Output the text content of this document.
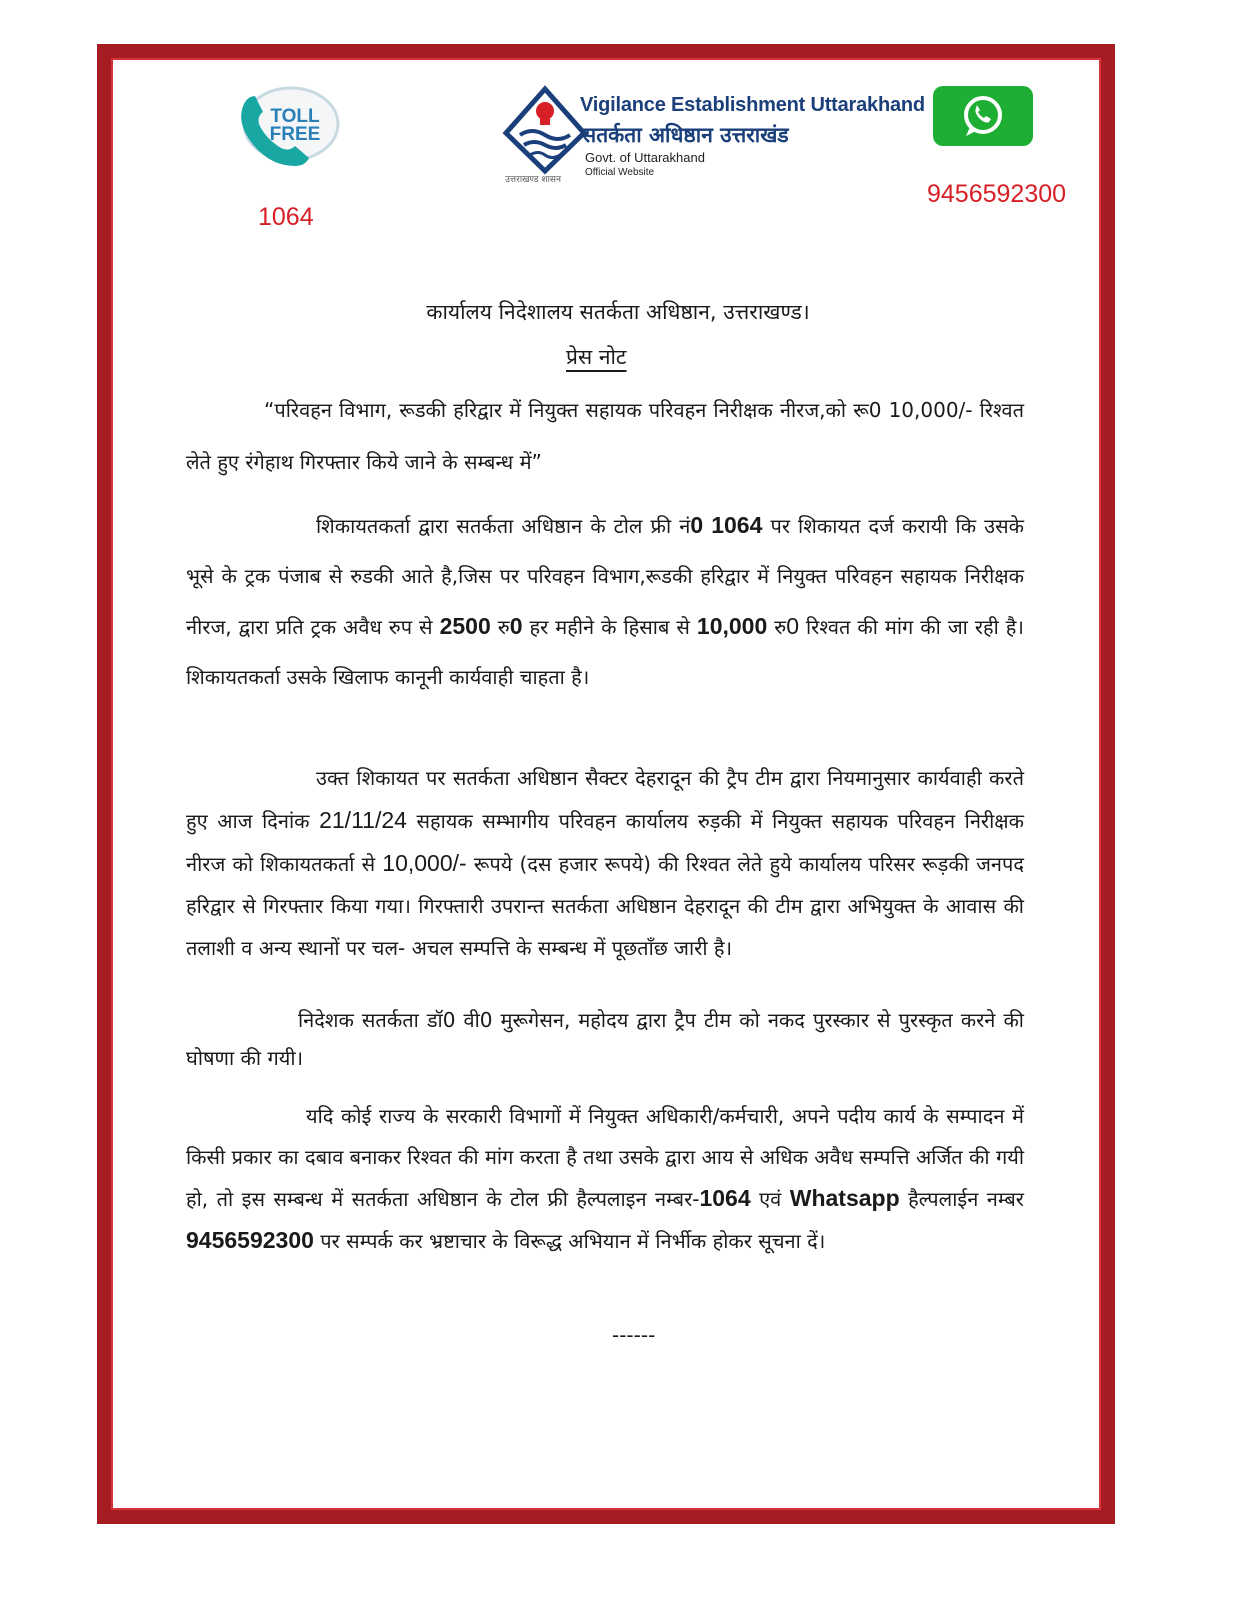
TOLL
FREE
1064
Vigilance Establishment Uttarakhand
सतर्कता अधिष्ठान उत्तराखंड
Govt. of Uttarakhand
Official Website
उत्तराखण्ड शासन	9456592300
कार्यालय निदेशालय सतर्कता अधिष्ठान, उत्तराखण्ड।
प्रेस नोट

“परिवहन विभाग, रूडकी हरिद्वार में नियुक्त सहायक परिवहन निरीक्षक नीरज,को रू0 10,000/- रिश्वत लेते हुए रंगेहाथ गिरफ्तार किये जाने के सम्बन्ध में”

शिकायतकर्ता द्वारा सतर्कता अधिष्ठान के टोल फ्री नं0 1064 पर शिकायत दर्ज करायी कि उसके भूसे के ट्रक पंजाब से रुडकी आते है,जिस पर परिवहन विभाग,रूडकी हरिद्वार में नियुक्त परिवहन सहायक निरीक्षक नीरज, द्वारा प्रति ट्रक अवैध रुप से 2500 रु0 हर महीने के हिसाब से 10,000 रु0 रिश्वत की मांग की जा रही है। शिकायतकर्ता उसके खिलाफ कानूनी कार्यवाही चाहता है।

उक्त शिकायत पर सतर्कता अधिष्ठान सैक्टर देहरादून की ट्रैप टीम द्वारा नियमानुसार कार्यवाही करते हुए आज दिनांक 21/11/24 सहायक सम्भागीय परिवहन कार्यालय रुड़की में नियुक्त सहायक परिवहन निरीक्षक नीरज को शिकायतकर्ता से 10,000/- रूपये (दस हजार रूपये) की रिश्वत लेते हुये कार्यालय परिसर रूड़की जनपद हरिद्वार से गिरफ्तार किया गया। गिरफ्तारी उपरान्त सतर्कता अधिष्ठान देहरादून की टीम द्वारा अभियुक्त के आवास की तलाशी व अन्य स्थानों पर चल- अचल सम्पत्ति के सम्बन्ध में पूछताँछ जारी है।

निदेशक सतर्कता डॉ0 वी0 मुरूगेसन, महोदय द्वारा ट्रैप टीम को नकद पुरस्कार से पुरस्कृत करने की घोषणा की गयी।

यदि कोई राज्य के सरकारी विभागों में नियुक्त अधिकारी/कर्मचारी, अपने पदीय कार्य के सम्पादन में किसी प्रकार का दबाव बनाकर रिश्वत की मांग करता है तथा उसके द्वारा आय से अधिक अवैध सम्पत्ति अर्जित की गयी हो, तो इस सम्बन्ध में सतर्कता अधिष्ठान के टोल फ्री हैल्पलाइन नम्बर-1064 एवं Whatsapp हैल्पलाईन नम्बर 9456592300 पर सम्पर्क कर भ्रष्टाचार के विरूद्ध अभियान में निर्भीक होकर सूचना दें।

------
